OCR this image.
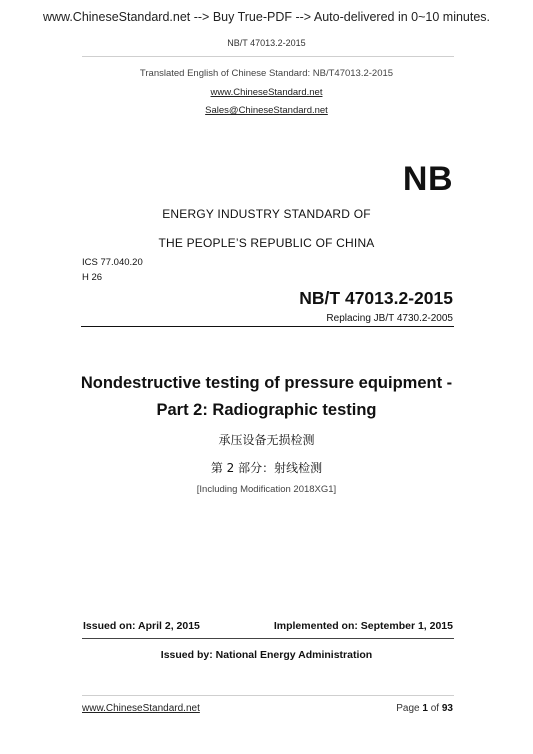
www.ChineseStandard.net --> Buy True-PDF --> Auto-delivered in 0~10 minutes.
NB/T 47013.2-2015
Translated English of Chinese Standard: NB/T47013.2-2015
www.ChineseStandard.net
Sales@ChineseStandard.net
NB
ENERGY INDUSTRY STANDARD OF
THE PEOPLE’S REPUBLIC OF CHINA
ICS 77.040.20
H 26
NB/T 47013.2-2015
Replacing JB/T 4730.2-2005
Nondestructive testing of pressure equipment -
Part 2: Radiographic testing
承压设备无损检测
第 2 部分：射线检测
[Including Modification 2018XG1]
Issued on: April 2, 2015	Implemented on: September 1, 2015
Issued by: National Energy Administration
www.ChineseStandard.net	Page 1 of 93
